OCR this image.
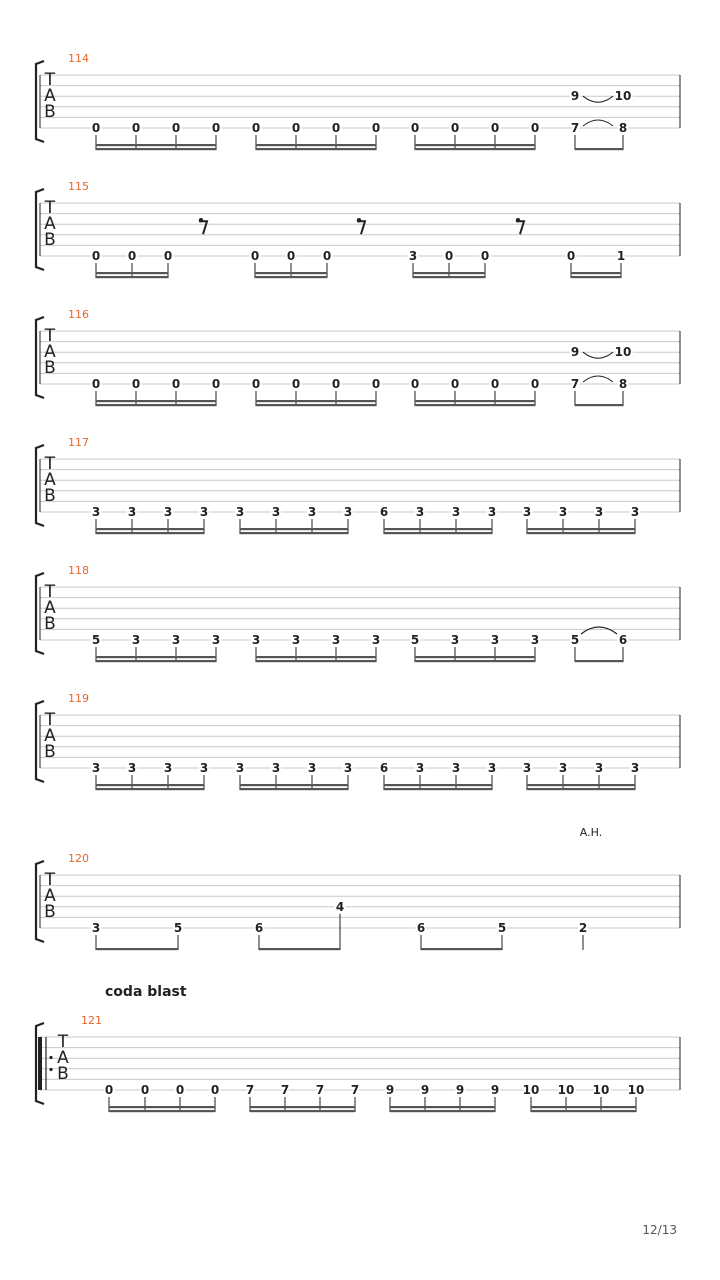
T
A
B
114
0	0	0	0	0	0	0	0	0	0	0	0	7
9
8
10
T
A
B
115
0 0 0	0 0 0	3 0 0	0	1
T
A
B
116
0	0	0	0	0	0	0	0	0	0	0	0	7
9
8
10
T
A
B
117
3 3 3 3 3 3 3 3 6 3 3 3 3 3 3 3
T
A
B
118
5	3	3	3	3	3	3	3	5	3	3	3	5	6
T
A
B
119
3 3 3 3 3 3 3 3 6 3 3 3 3 3 3 3
T
A
B
120
3	5	6
4
6	5	2
A.H.
T
A
B
121
coda blast
0 0 0 0 7 7 7 7 9 9 9 9 10 10 10 10
12/13
